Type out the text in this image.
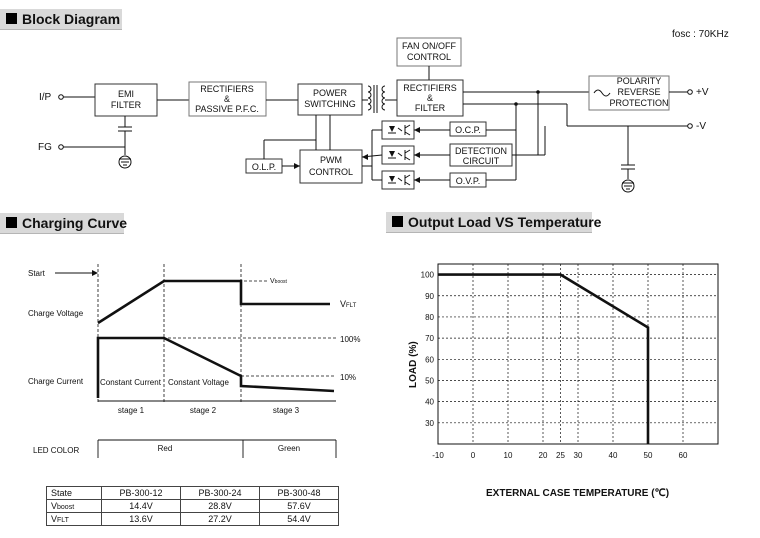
Block Diagram
Charging Curve	Output Load VS Temperature
fosc : 70KHz
I/P
FG
EMI
FILTER
RECTIFIERS
&
PASSIVE P.F.C.
POWER
SWITCHING
FAN ON/OFF
CONTROL
RECTIFIERS
&
FILTER
POLARITY
REVERSE
PROTECTION
+V
-V
O.C.P.
DETECTION
CIRCUIT
O.V.P.
PWM
CONTROL
O.L.P.
Start
Charge Voltage
Charge Current
Vboost
VFLT
100%
10%
Constant Current Constant Voltage
stage 1	stage 2	stage 3
LED COLOR	Red	Green
30
40
50
60
70
80
90
100
-10	0	10	20 25 30	40	50	60
LOAD (%)
EXTERNAL CASE TEMPERATURE (℃)
State	PB-300-12	PB-300-24	PB-300-48
Vboost	14.4V	28.8V	57.6V
VFLT	13.6V	27.2V	54.4V
